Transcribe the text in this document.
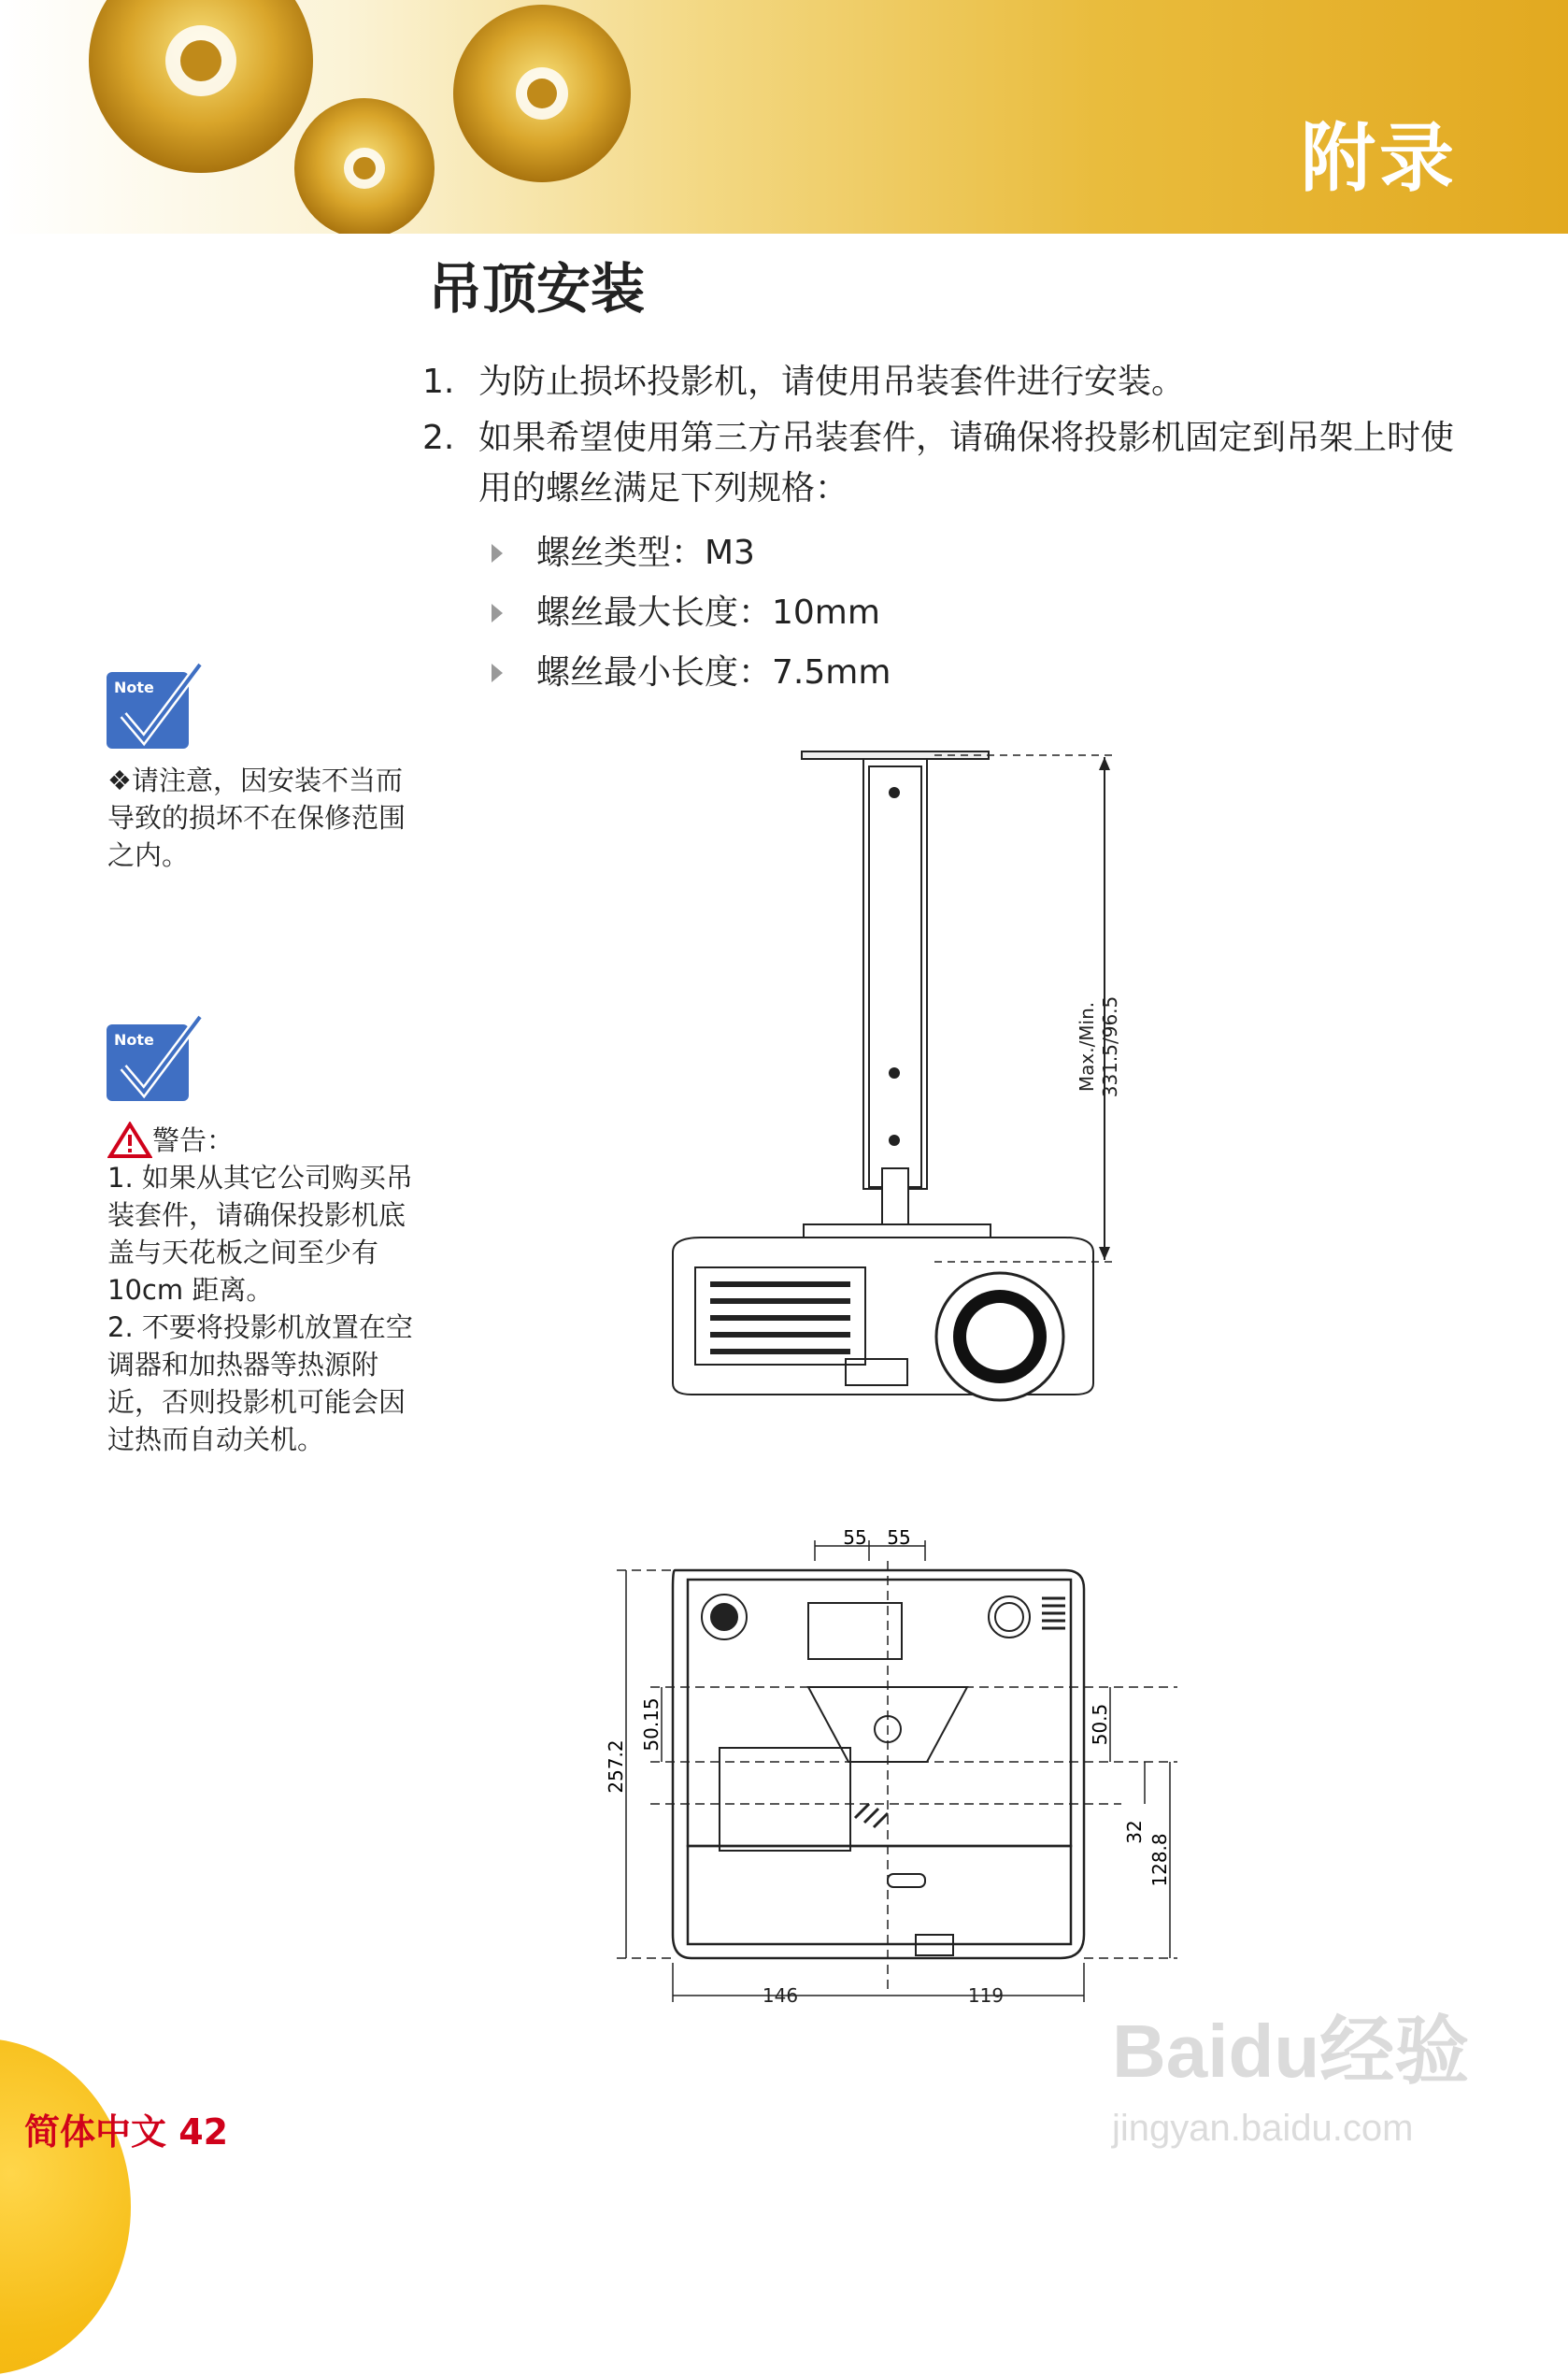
附录
吊顶安装
1. 为防止损坏投影机，请使用吊装套件进行安装。
2. 如果希望使用第三方吊装套件，请确保将投影机固定到吊架上时使用的螺丝满足下列规格：
螺丝类型：M3
螺丝最大长度：10mm
螺丝最小长度：7.5mm
Note
❖请注意，因安装不当而导致的损坏不在保修范围之内。
Note
警告：
1. 如果从其它公司购买吊装套件，请确保投影机底盖与天花板之间至少有 10cm 距离。
2. 不要将投影机放置在空调器和加热器等热源附近，否则投影机可能会因过热而自动关机。
Max./Min. 331.5/96.5
55 55
257.2
50.15	50.5
32
128.8
146	119
简体中文 42
Baidu经验
jingyan.baidu.com
